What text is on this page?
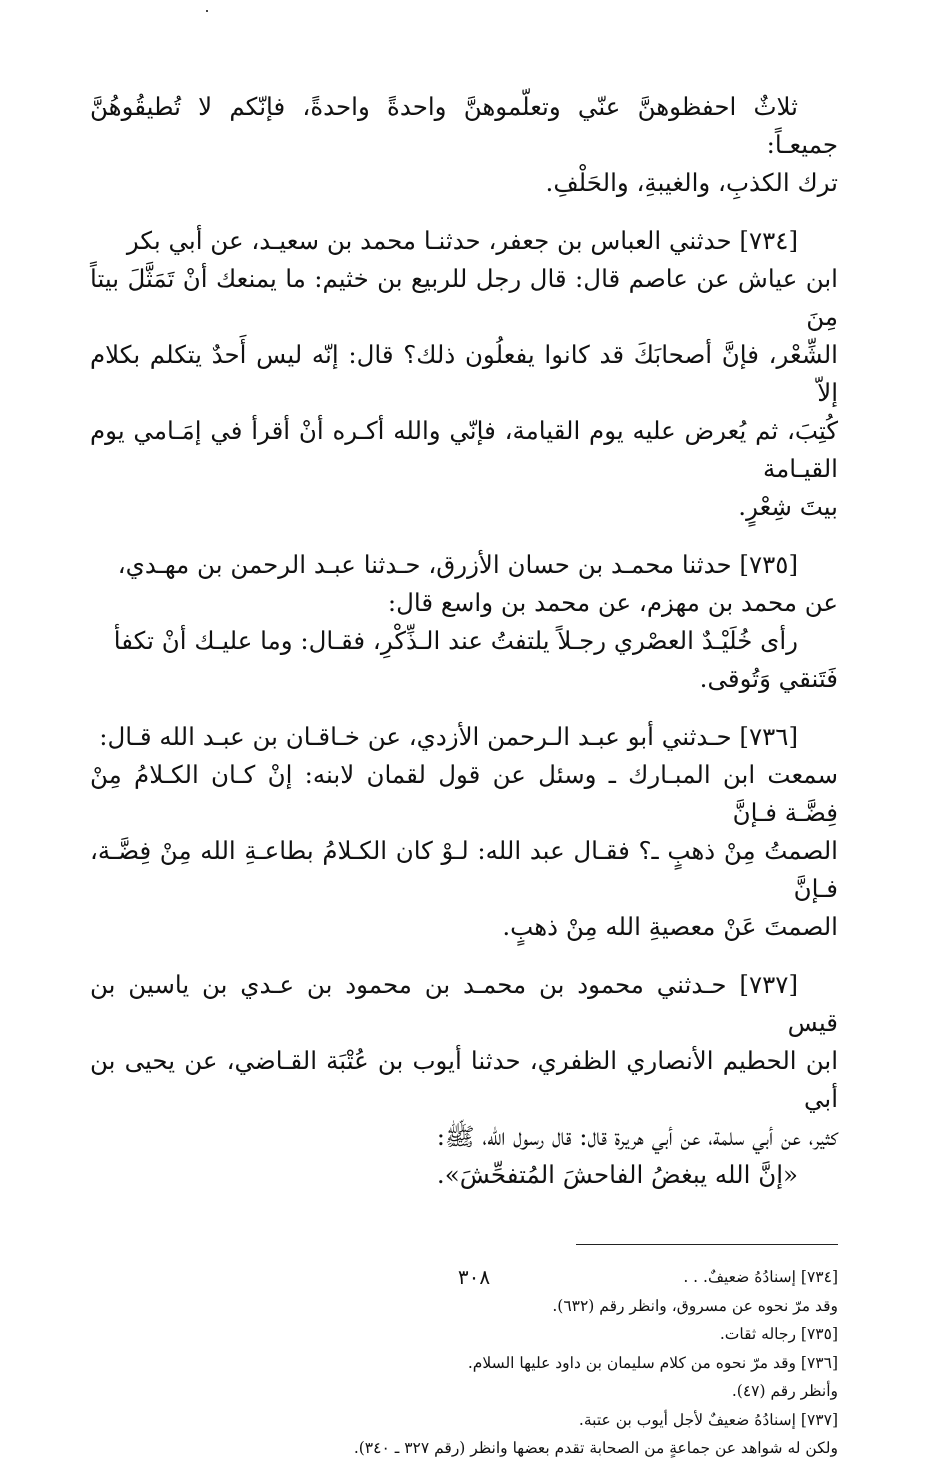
ثلاثٌ احفظوهنَّ عنّي وتعلّموهنَّ واحدةً واحدةً، فإنّكم لا تُطيقُوهُنَّ جميعـاً:

ترك الكذبِ، والغيبةِ، والحَلْفِ.

[٧٣٤] حدثني العباس بن جعفر، حدثنـا محمد بن سعيـد، عن أبي بكر

ابن عياش عن عاصم قال: قال رجل للربيع بن خثيم: ما يمنعك أنْ تَمَثَّلَ بيتاً مِنَ

الشِّعْر، فإنَّ أصحابَكَ قد كانوا يفعلُون ذلك؟ قال: إنّه ليس أَحدٌ يتكلم بكلام إلاّ

كُتِبَ، ثم يُعرض عليه يوم القيامة، فإنّي والله أكـره أنْ أقرأ في إمَـامي يوم القيـامة

بيتَ شِعْرٍ.

[٧٣٥] حدثنا محمـد بن حسان الأزرق، حـدثنا عبـد الرحمن بن مهـدي،

عن محمد بن مهزم، عن محمد بن واسع قال:

رأى خُلَيْـدٌ العصْري رجـلاً يلتفتُ عند الـذِّكْرِ، فقـال: وما عليـك أنْ تكفأ

فَتَنقي وَتُوقى.

[٧٣٦] حـدثني أبو عبـد الـرحمن الأزدي، عن خـاقـان بن عبـد الله قـال:

سمعت ابن المبـارك ـ وسئل عن قول لقمان لابنه: إنْ كـان الكـلامُ مِنْ فِضَّـة فـإنَّ

الصمتُ مِنْ ذهبٍ ـ؟ فقـال عبد الله: لـوْ كان الكـلامُ بطاعـةِ الله مِنْ فِضَّـة، فـإنَّ

الصمتَ عَنْ معصيةِ الله مِنْ ذهبٍ.

[٧٣٧] حـدثني محمود بن محمـد بن محمود بن عـدي بن ياسين بن قيس

ابن الحطيم الأنصاري الظفري، حدثنا أيوب بن عُتْبَة القـاضي، عن يحيى بن أبي

كثير، عن أبي سلمة، عن أبي هريرة قال: قال رسول الله، ﷺ:

«إنَّ الله يبغضُ الفاحشَ المُتفحِّشَ».

[٧٣٤] إسنادُهُ ضعيفٌ. . .

وقد مرّ نحوه عن مسروق، وانظر رقم (٦٣٢).

[٧٣٥] رجاله ثقات.

[٧٣٦] وقد مرّ نحوه من كلام سليمان بن داود عليها السلام.

وأنظر رقم (٤٧).

[٧٣٧] إسنادُهُ ضعيفٌ لأجل أيوب بن عتبة.

ولكن له شواهد عن جماعةٍ من الصحابة تقدم بعضها وانظر (رقم ٣٢٧ ـ ٣٤٠).

٣٠٨
